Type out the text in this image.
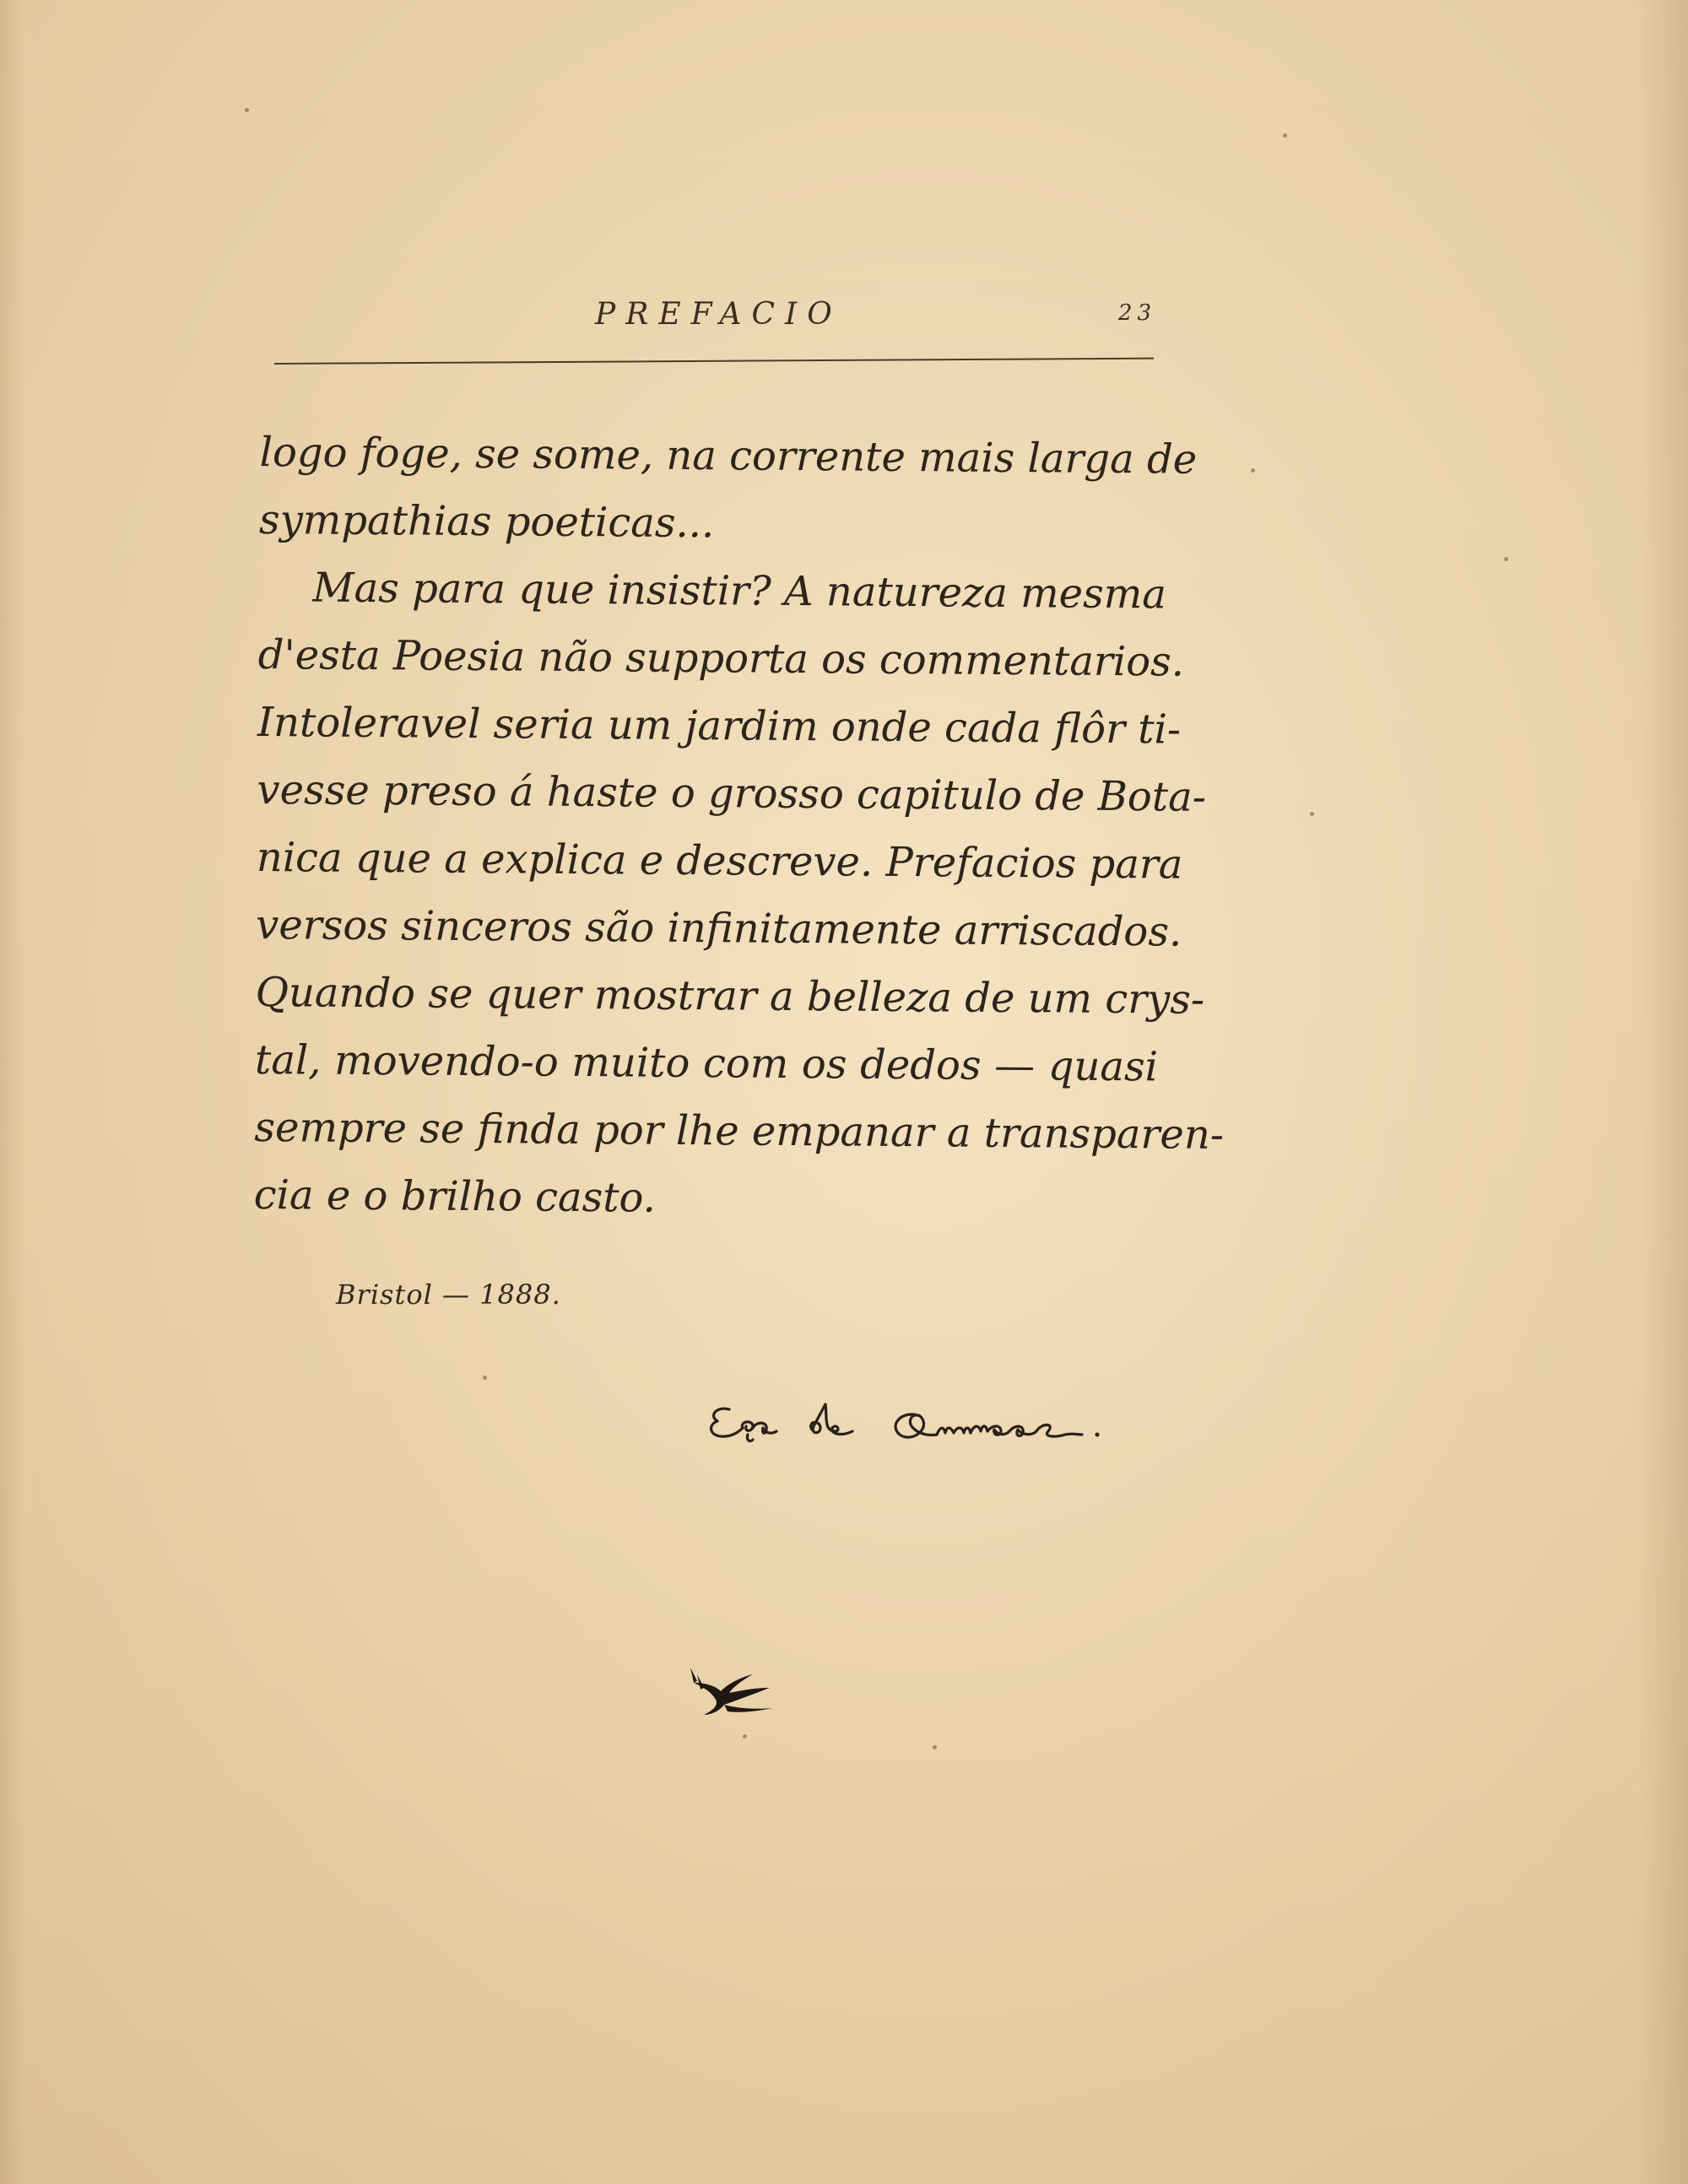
PREFACIO	23
logo foge, se some, na corrente mais larga de
sympathias poeticas...
Mas para que insistir? A natureza mesma
d'esta Poesia não supporta os commentarios.
Intoleravel seria um jardim onde cada flôr ti-
vesse preso á haste o grosso capitulo de Bota-
nica que a explica e descreve. Prefacios para
versos sinceros são infinitamente arriscados.
Quando se quer mostrar a belleza de um crys-
tal, movendo-o muito com os dedos — quasi
sempre se finda por lhe empanar a transparen-
cia e o brilho casto.
Bristol — 1888.
